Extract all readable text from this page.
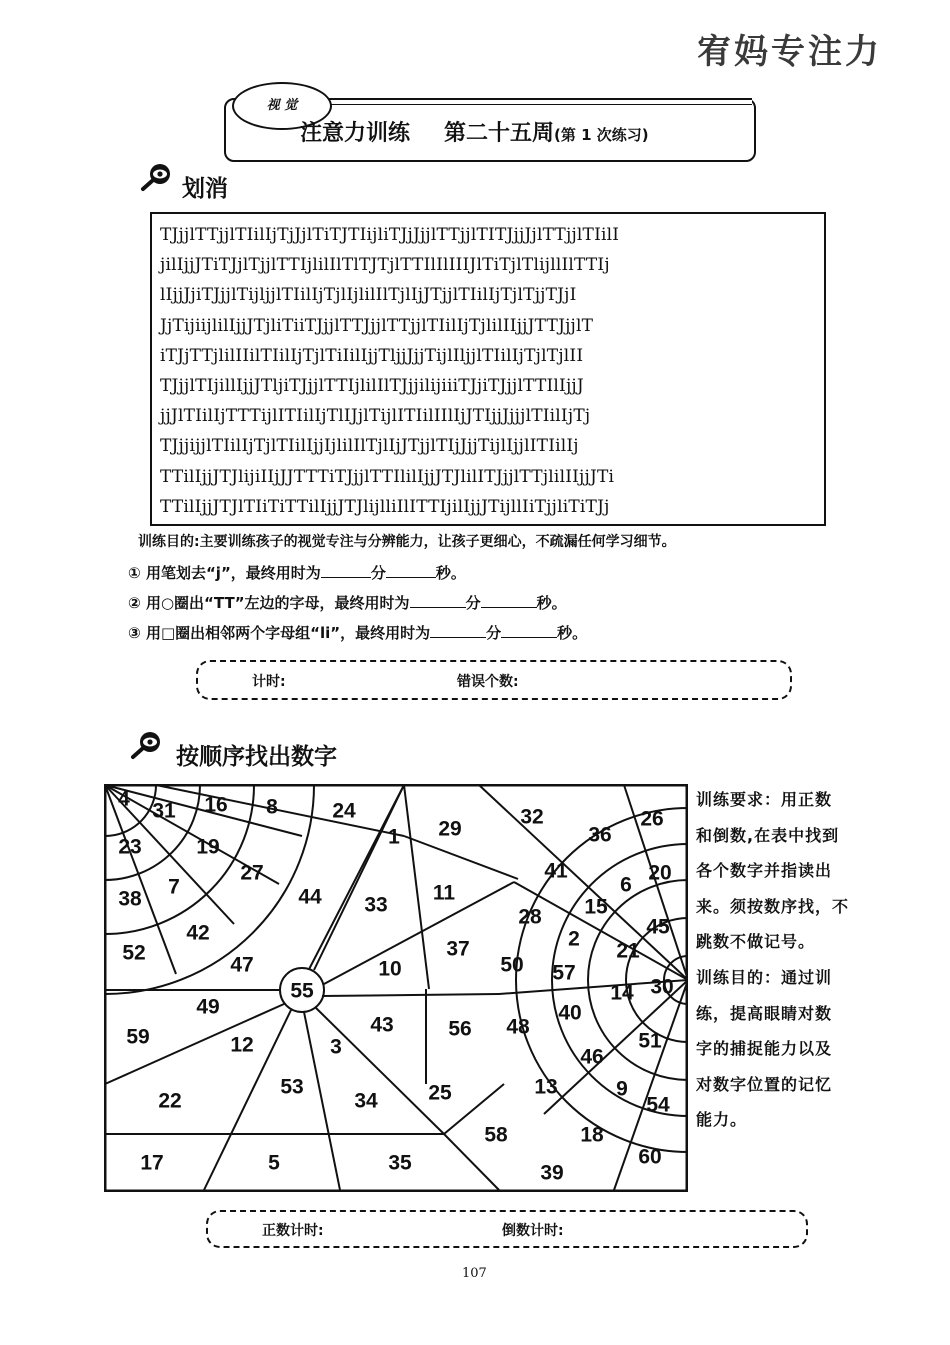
宥妈专注力
视 觉
注意力训练 第二十五周(第 1 次练习)
划消
TJjjlTTjjlTIilIjTjJjlTiTJTIijliTJjJjjlTTjjlTITJjjJjlTTjjlTIilI
jilIjjJTiTJjlTjjlTTIjlilIlTlTJTjlTTIlIlIIIJlTiTjlTlijllIlTTIj
lIjjJjiTJjjlTijljjlTIilIjTjlIjlilIlTjlIjJTjjlTIilIjTjlTjjTJjI
JjTijiijlilIjjJTjliTiiTJjjlTTJjjlTTjjlTIilIjTjlilIIjjJTTJjjlT
iTJjTTjlilIIilTIilIjTjlTiIilIjjTljjJjjTijlIljjlTIilIjTjlTjlII
TJjjlTIjillIjjJTljiTJjjlTTIjlilIlTJjjilijiiiTJjiTJjjlTTIlIjjJ
jjJlTIilIjTTTijlITIilIjTlIJjlTijlITIilIIlIjJTIjjJjjjlTIilIjTj
TJjjijjlTIilIjTjlTIilIjjIjlilIlTjlIjJTjjlTIjJjjTijlIjjlITIilIj
TTilIjjJTJlijiIIjJJTTTiTJjjlTTIlilIjjJTJlilITJjjlTTjlilIIjjJTi
TTilIjjJTJlTIiTiTTilIjjJTJlijlliIlITTIjilIjjJTijllIiTjjliTiTJj
训练目的:主要训练孩子的视觉专注与分辨能力，让孩子更细心，不疏漏任何学习细节。
① 用笔划去“j”，最终用时为	分	秒。
② 用○圈出“TT”左边的字母，最终用时为	分	秒。
③ 用□圈出相邻两个字母组“li”，最终用时为	分	秒。
计时:	错误个数:
按顺序找出数字
4
31 16 8	24
1 29
32	26
23	19
36
20
27	41
6
7	44 33
11
15
38
28	45
42	2
21
52
47
37
10	50 57
55	14 30
49	40
59	12
43	56 48
3	51
46
53
22	34 25	13	9
54
58	18
17	5	35	39
60
训练要求：用正数
和倒数,在表中找到
各个数字并指读出
来。须按数序找，不
跳数不做记号。
训练目的：通过训
练，提高眼睛对数
字的捕捉能力以及
对数字位置的记忆
能力。
正数计时:	倒数计时:
107
